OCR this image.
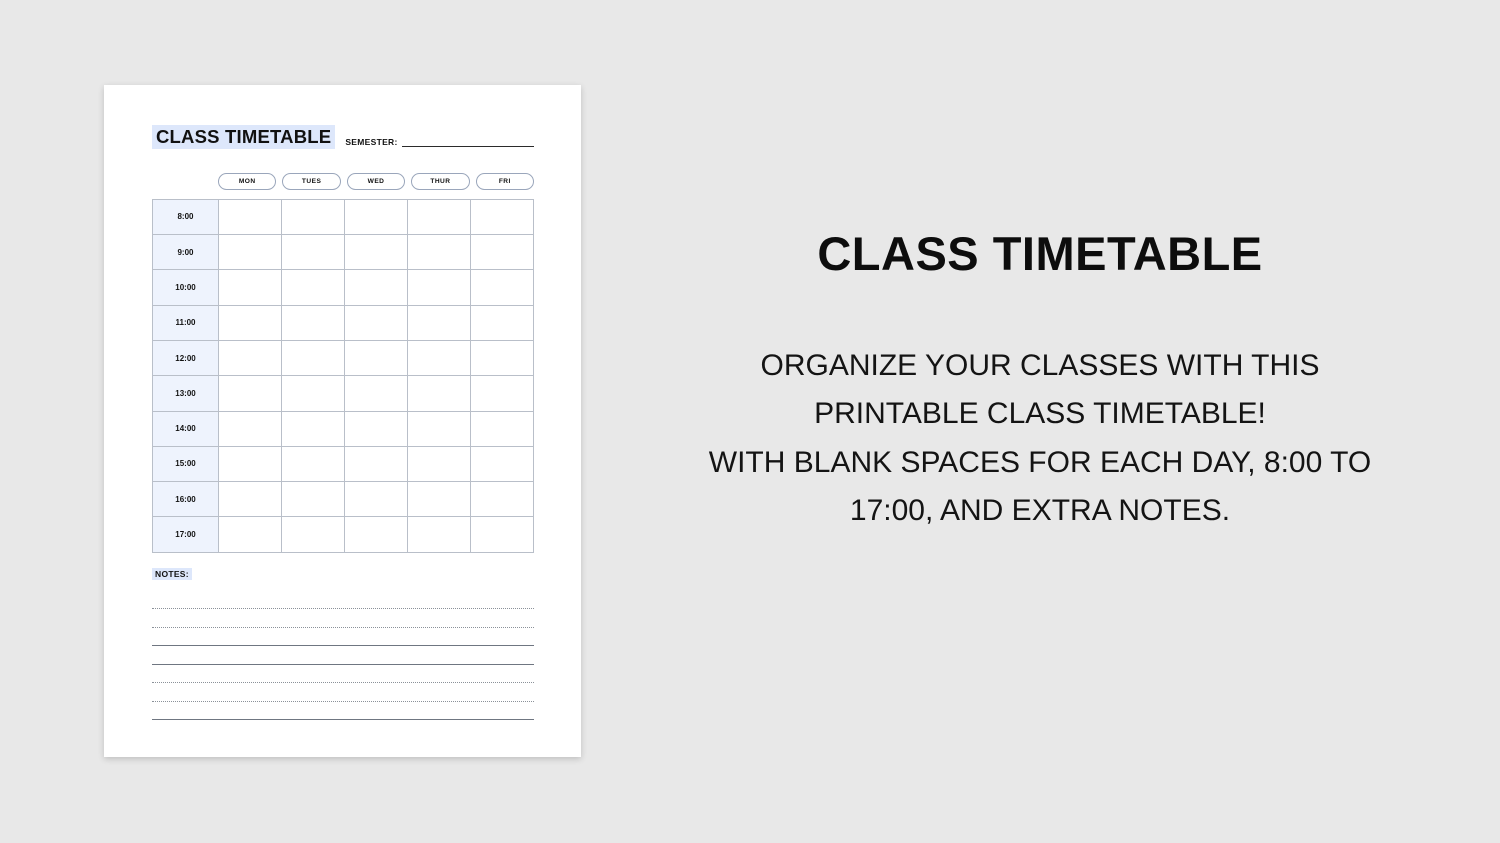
CLASS TIMETABLE	SEMESTER:
MON	TUES	WED	THUR	FRI
8:00
9:00
10:00
11:00
12:00
13:00
14:00
15:00
16:00
17:00
NOTES:
CLASS TIMETABLE

ORGANIZE YOUR CLASSES WITH THIS
PRINTABLE CLASS TIMETABLE!
WITH BLANK SPACES FOR EACH DAY, 8:00 TO
17:00, AND EXTRA NOTES.
